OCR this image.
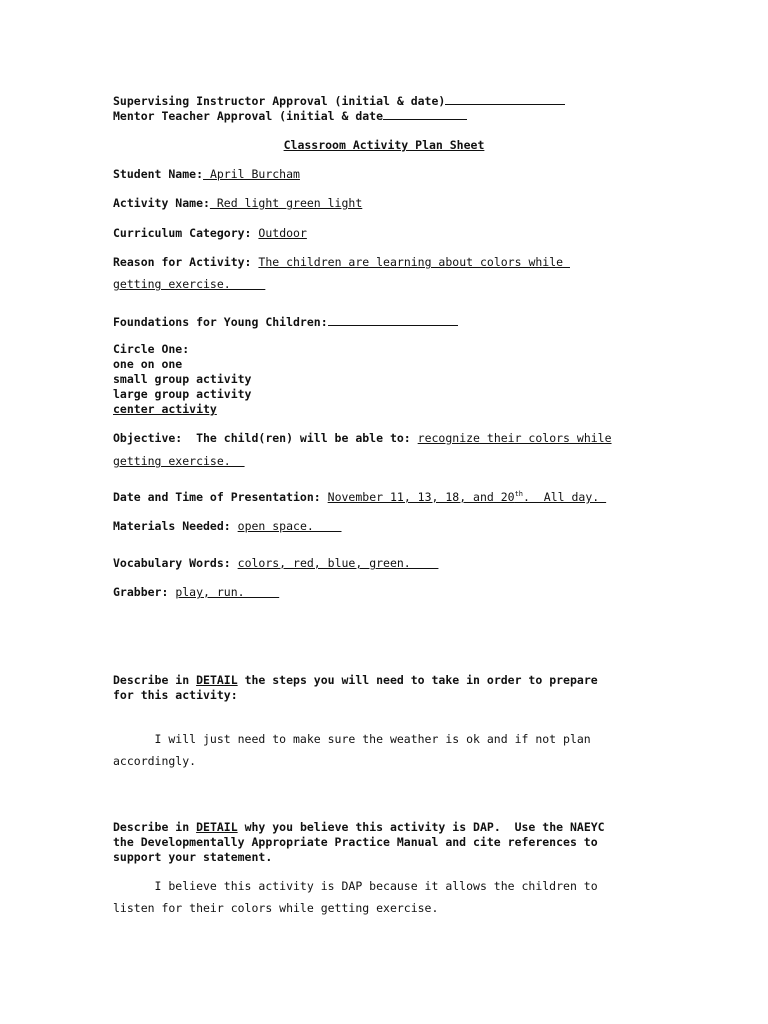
Supervising Instructor Approval (initial & date)
Mentor Teacher Approval (initial & date
Classroom Activity Plan Sheet
Student Name: April Burcham
Activity Name: Red light green light
Curriculum Category: Outdoor
Reason for Activity: The children are learning about colors while
getting exercise.
Foundations for Young Children:
Circle One:
one on one
small group activity
large group activity
center activity
Objective:  The child(ren) will be able to: recognize their colors while
getting exercise.
Date and Time of Presentation: November 11, 13, 18, and 20th.  All day.
Materials Needed: open space.
Vocabulary Words: colors, red, blue, green.
Grabber: play, run.
Describe in DETAIL the steps you will need to take in order to prepare
for this activity:
I will just need to make sure the weather is ok and if not plan
accordingly.
Describe in DETAIL why you believe this activity is DAP.  Use the NAEYC
the Developmentally Appropriate Practice Manual and cite references to
support your statement.
I believe this activity is DAP because it allows the children to
listen for their colors while getting exercise.
